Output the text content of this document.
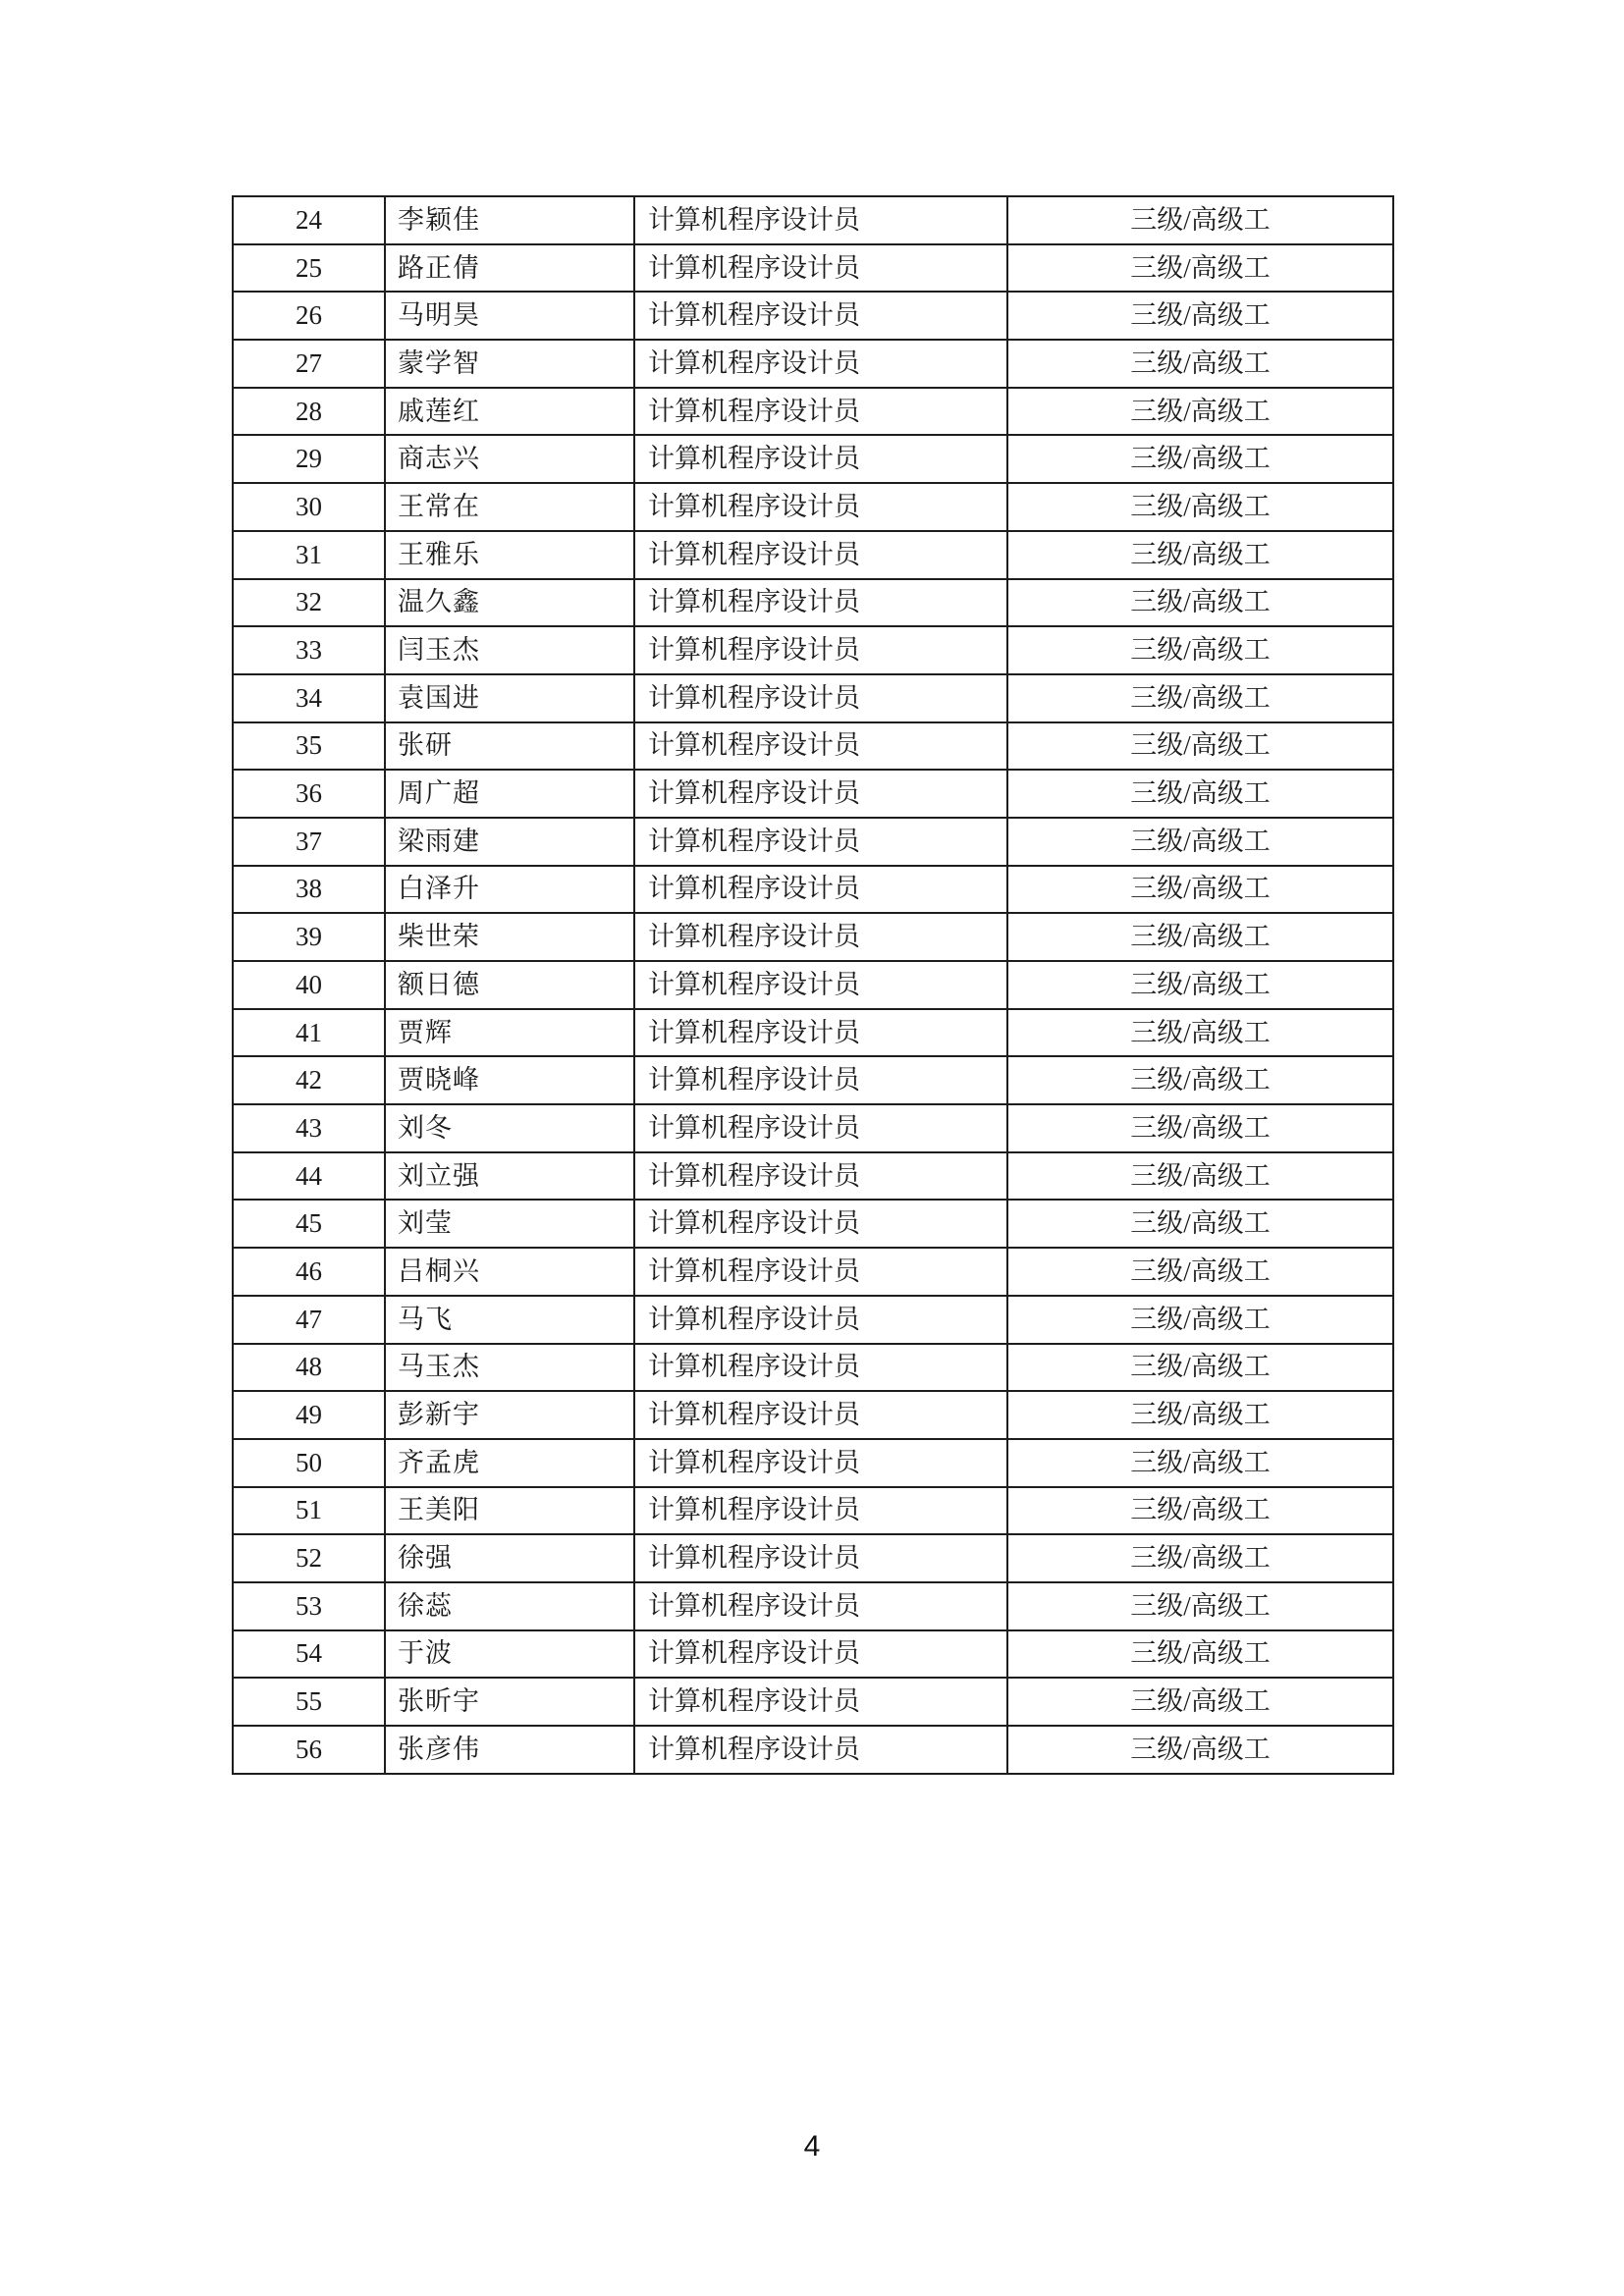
24	李颖佳	计算机程序设计员	三级/高级工
25	路正倩	计算机程序设计员	三级/高级工
26	马明昊	计算机程序设计员	三级/高级工
27	蒙学智	计算机程序设计员	三级/高级工
28	戚莲红	计算机程序设计员	三级/高级工
29	商志兴	计算机程序设计员	三级/高级工
30	王常在	计算机程序设计员	三级/高级工
31	王雅乐	计算机程序设计员	三级/高级工
32	温久鑫	计算机程序设计员	三级/高级工
33	闫玉杰	计算机程序设计员	三级/高级工
34	袁国进	计算机程序设计员	三级/高级工
35	张研	计算机程序设计员	三级/高级工
36	周广超	计算机程序设计员	三级/高级工
37	梁雨建	计算机程序设计员	三级/高级工
38	白泽升	计算机程序设计员	三级/高级工
39	柴世荣	计算机程序设计员	三级/高级工
40	额日德	计算机程序设计员	三级/高级工
41	贾辉	计算机程序设计员	三级/高级工
42	贾晓峰	计算机程序设计员	三级/高级工
43	刘冬	计算机程序设计员	三级/高级工
44	刘立强	计算机程序设计员	三级/高级工
45	刘莹	计算机程序设计员	三级/高级工
46	吕桐兴	计算机程序设计员	三级/高级工
47	马飞	计算机程序设计员	三级/高级工
48	马玉杰	计算机程序设计员	三级/高级工
49	彭新宇	计算机程序设计员	三级/高级工
50	齐孟虎	计算机程序设计员	三级/高级工
51	王美阳	计算机程序设计员	三级/高级工
52	徐强	计算机程序设计员	三级/高级工
53	徐蕊	计算机程序设计员	三级/高级工
54	于波	计算机程序设计员	三级/高级工
55	张昕宇	计算机程序设计员	三级/高级工
56	张彦伟	计算机程序设计员	三级/高级工
4
